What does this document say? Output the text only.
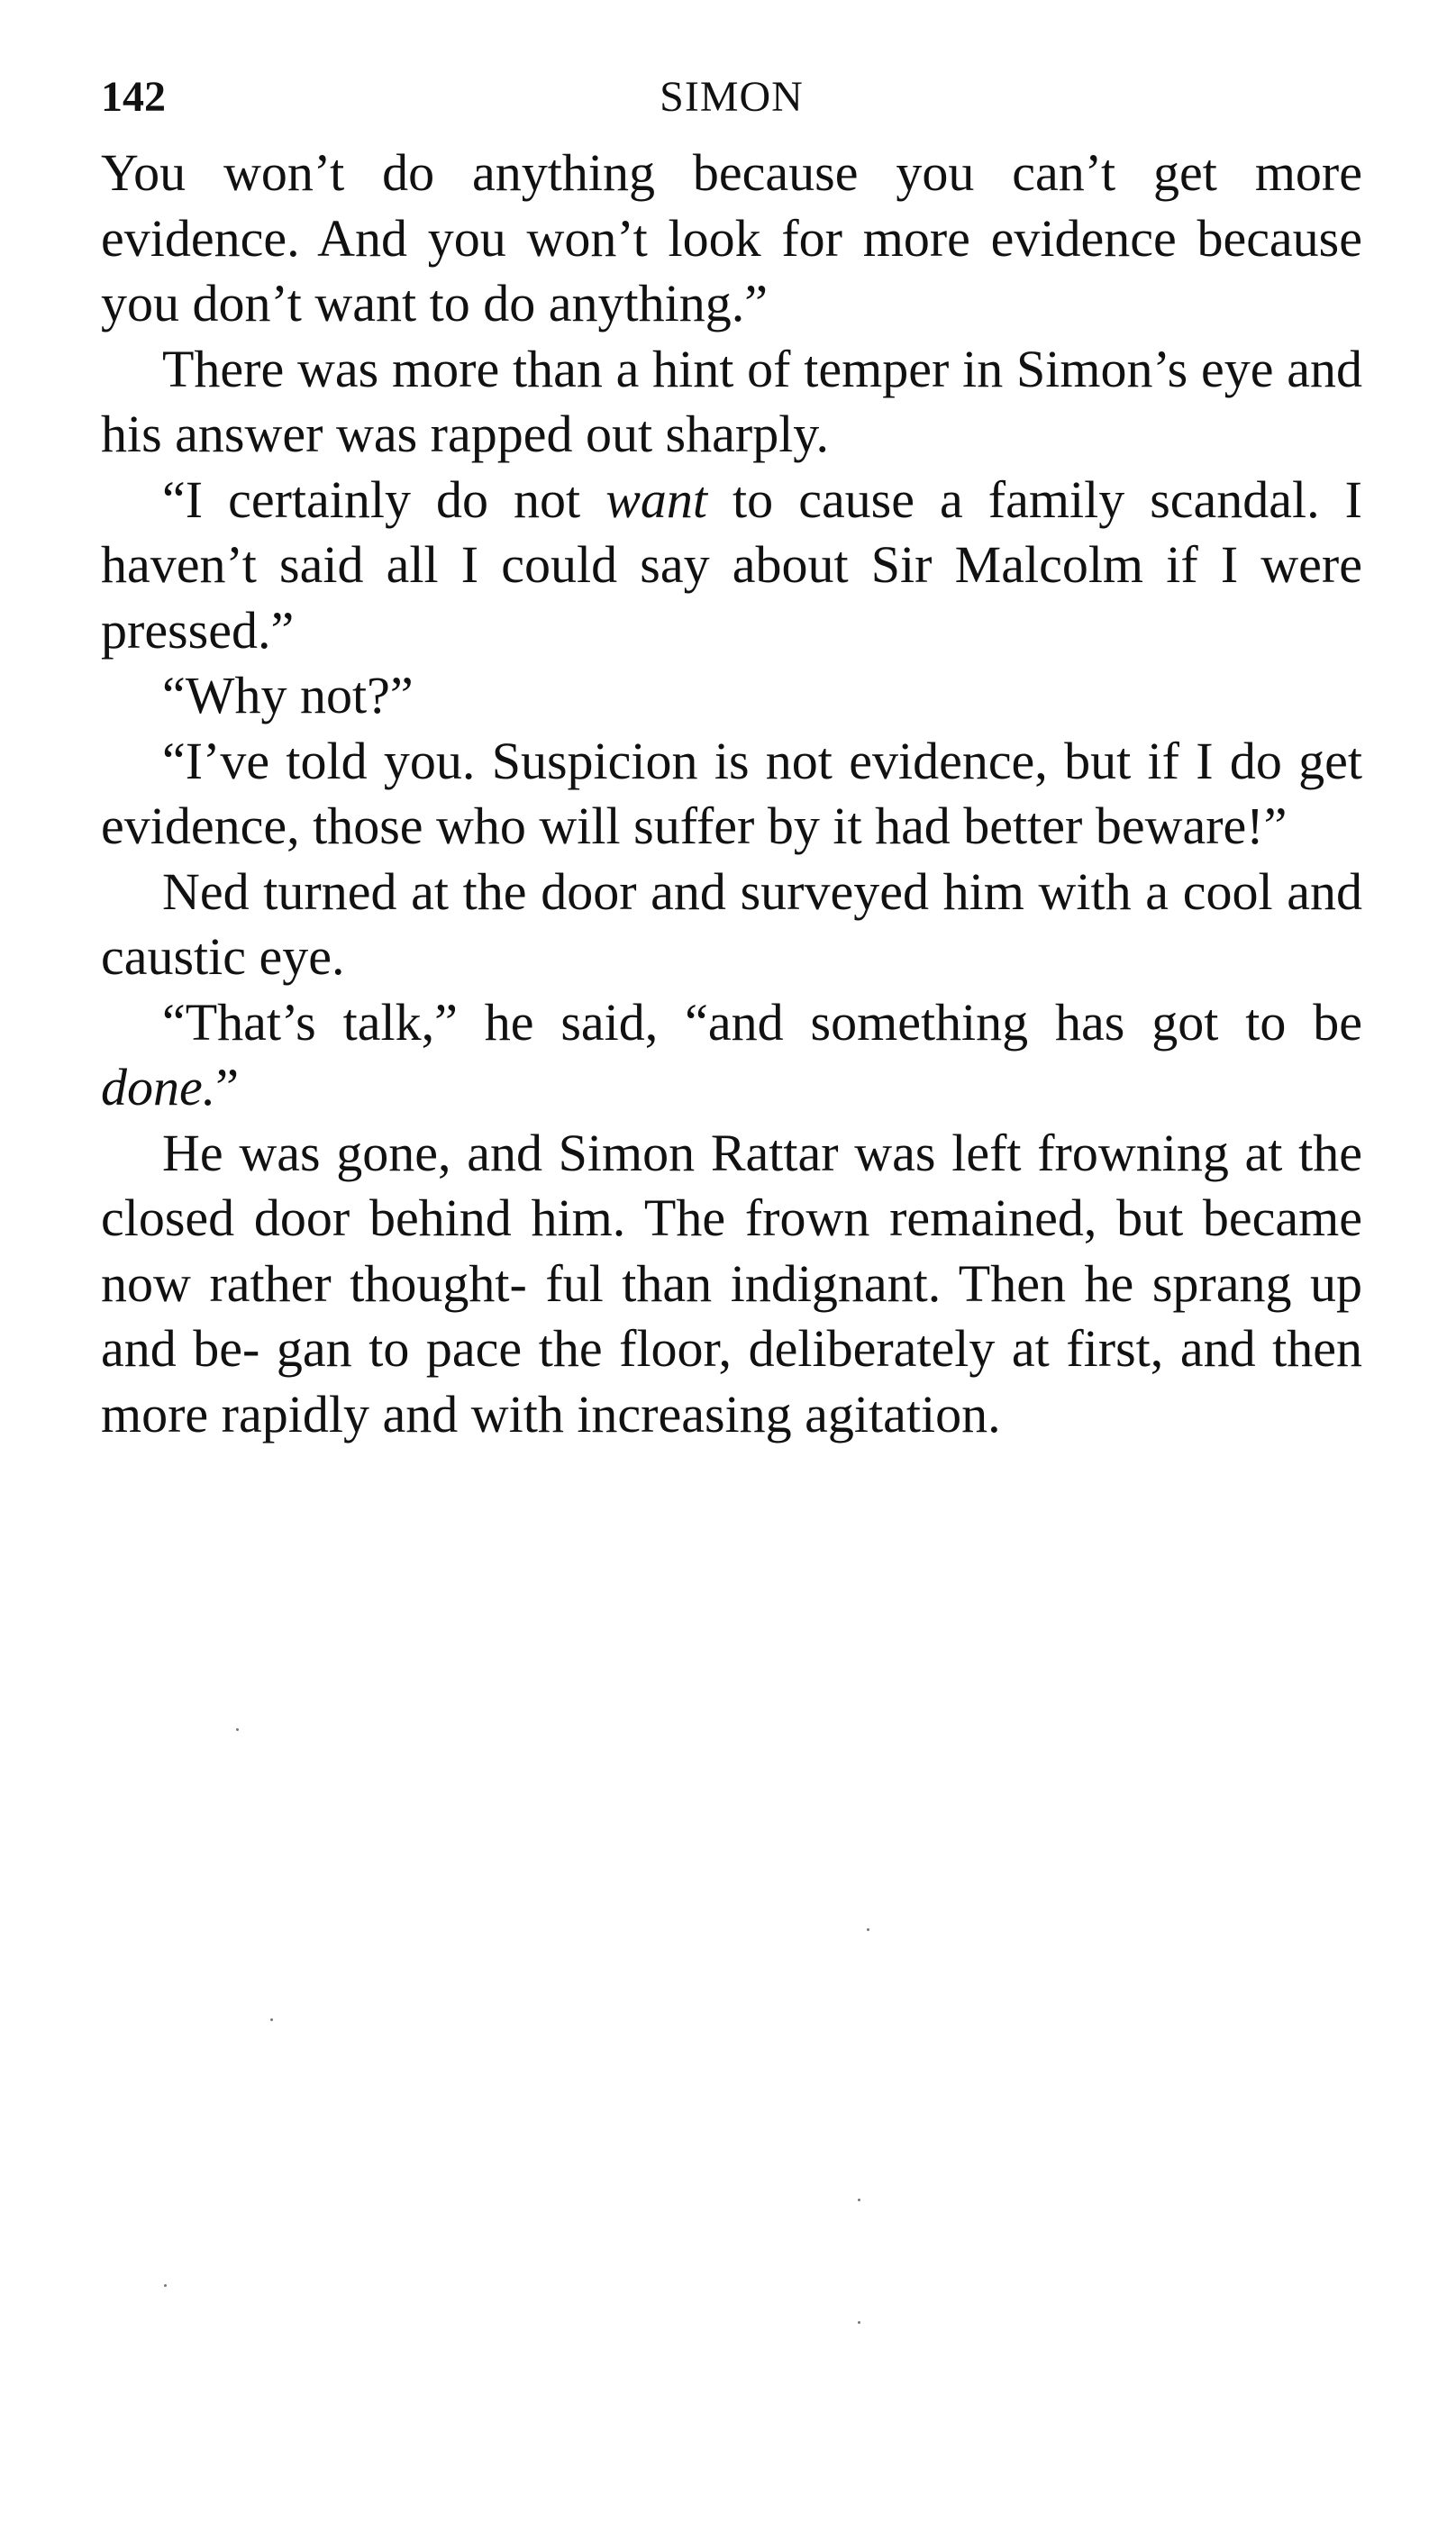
142	SIMON

You won’t do anything because you can’t get more evidence. And you won’t look for more evidence because you don’t want to do anything.”

There was more than a hint of temper in Simon’s eye and his answer was rapped out sharply.

“I certainly do not want to cause a family scandal. I haven’t said all I could say about Sir Malcolm if I were pressed.”

“Why not?”

“I’ve told you. Suspicion is not evidence, but if I do get evidence, those who will suffer by it had better beware!”

Ned turned at the door and surveyed him with a cool and caustic eye.

“That’s talk,” he said, “and something has got to be done.”

He was gone, and Simon Rattar was left frowning at the closed door behind him. The frown remained, but became now rather thought- ful than indignant. Then he sprang up and be- gan to pace the floor, deliberately at first, and then more rapidly and with increasing agitation.
